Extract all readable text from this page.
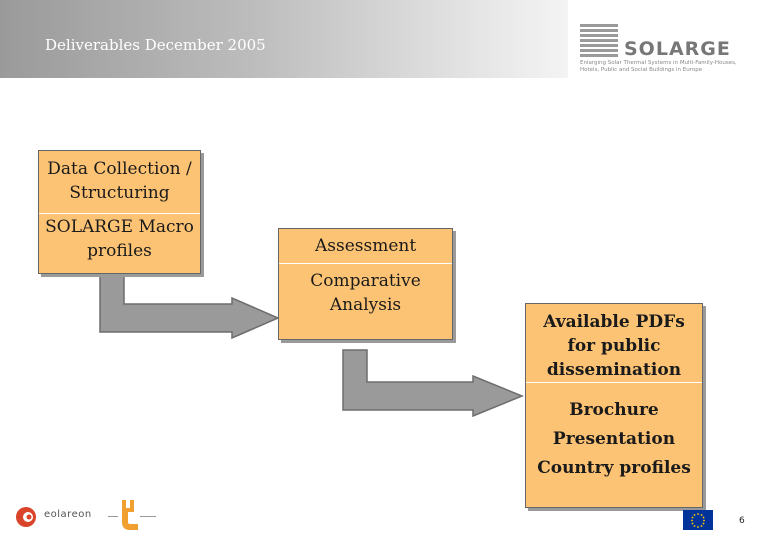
Deliverables December 2005	SOLARGE
Enlarging Solar Thermal Systems in Multi-Family-Houses,
Hotels, Public and Social Buildings in Europe
Data Collection /
Structuring
SOLARGE Macro
profiles	Assessment
Comparative
Analysis
Available PDFs
for public
dissemination
Brochure
Presentation
Country profiles
eolareon
6
